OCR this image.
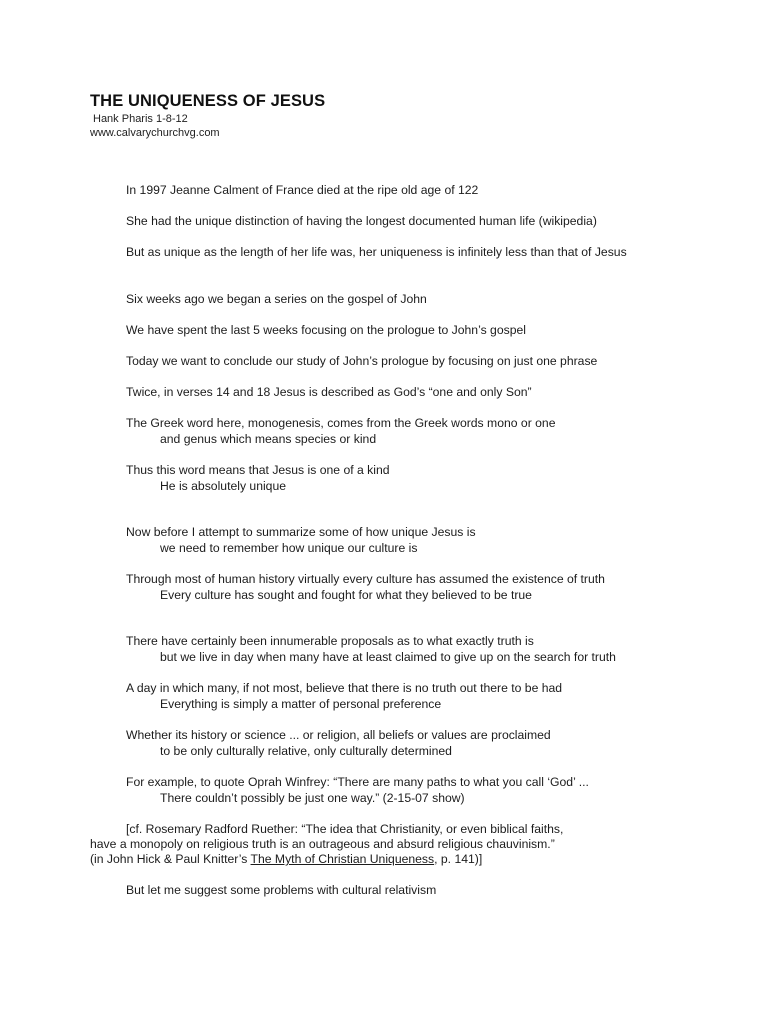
THE UNIQUENESS OF JESUS
Hank Pharis 1-8-12
www.calvarychurchvg.com
In 1997 Jeanne Calment of France died at the ripe old age of 122
She had the unique distinction of having the longest documented human life (wikipedia)
But as unique as the length of her life was, her uniqueness is infinitely less than that of Jesus
Six weeks ago we began a series on the gospel of John
We have spent the last 5 weeks focusing on the prologue to John’s gospel
Today we want to conclude our study of John’s prologue by focusing on just one phrase
Twice, in verses 14 and 18 Jesus is described as God’s “one and only Son”
The Greek word here, monogenesis, comes from the Greek words mono or one
and genus which means species or kind
Thus this word means that Jesus is one of a kind
He is absolutely unique
Now before I attempt to summarize some of how unique Jesus is
we need to remember how unique our culture is
Through most of human history virtually every culture has assumed the existence of truth
Every culture has sought and fought for what they believed to be true
There have certainly been innumerable proposals as to what exactly truth is
but we live in day when many have at least claimed to give up on the search for truth
A day in which many, if not most, believe that there is no truth out there to be had
Everything is simply a matter of personal preference
Whether its history or science ... or religion, all beliefs or values are proclaimed
to be only culturally relative, only culturally determined
For example, to quote Oprah Winfrey: “There are many paths to what you call ‘God’ ...
There couldn’t possibly be just one way.” (2-15-07 show)
[cf. Rosemary Radford Ruether: “The idea that Christianity, or even biblical faiths,
have a monopoly on religious truth is an outrageous and absurd religious chauvinism.”
(in John Hick & Paul Knitter’s The Myth of Christian Uniqueness, p. 141)]
But let me suggest some problems with cultural relativism
